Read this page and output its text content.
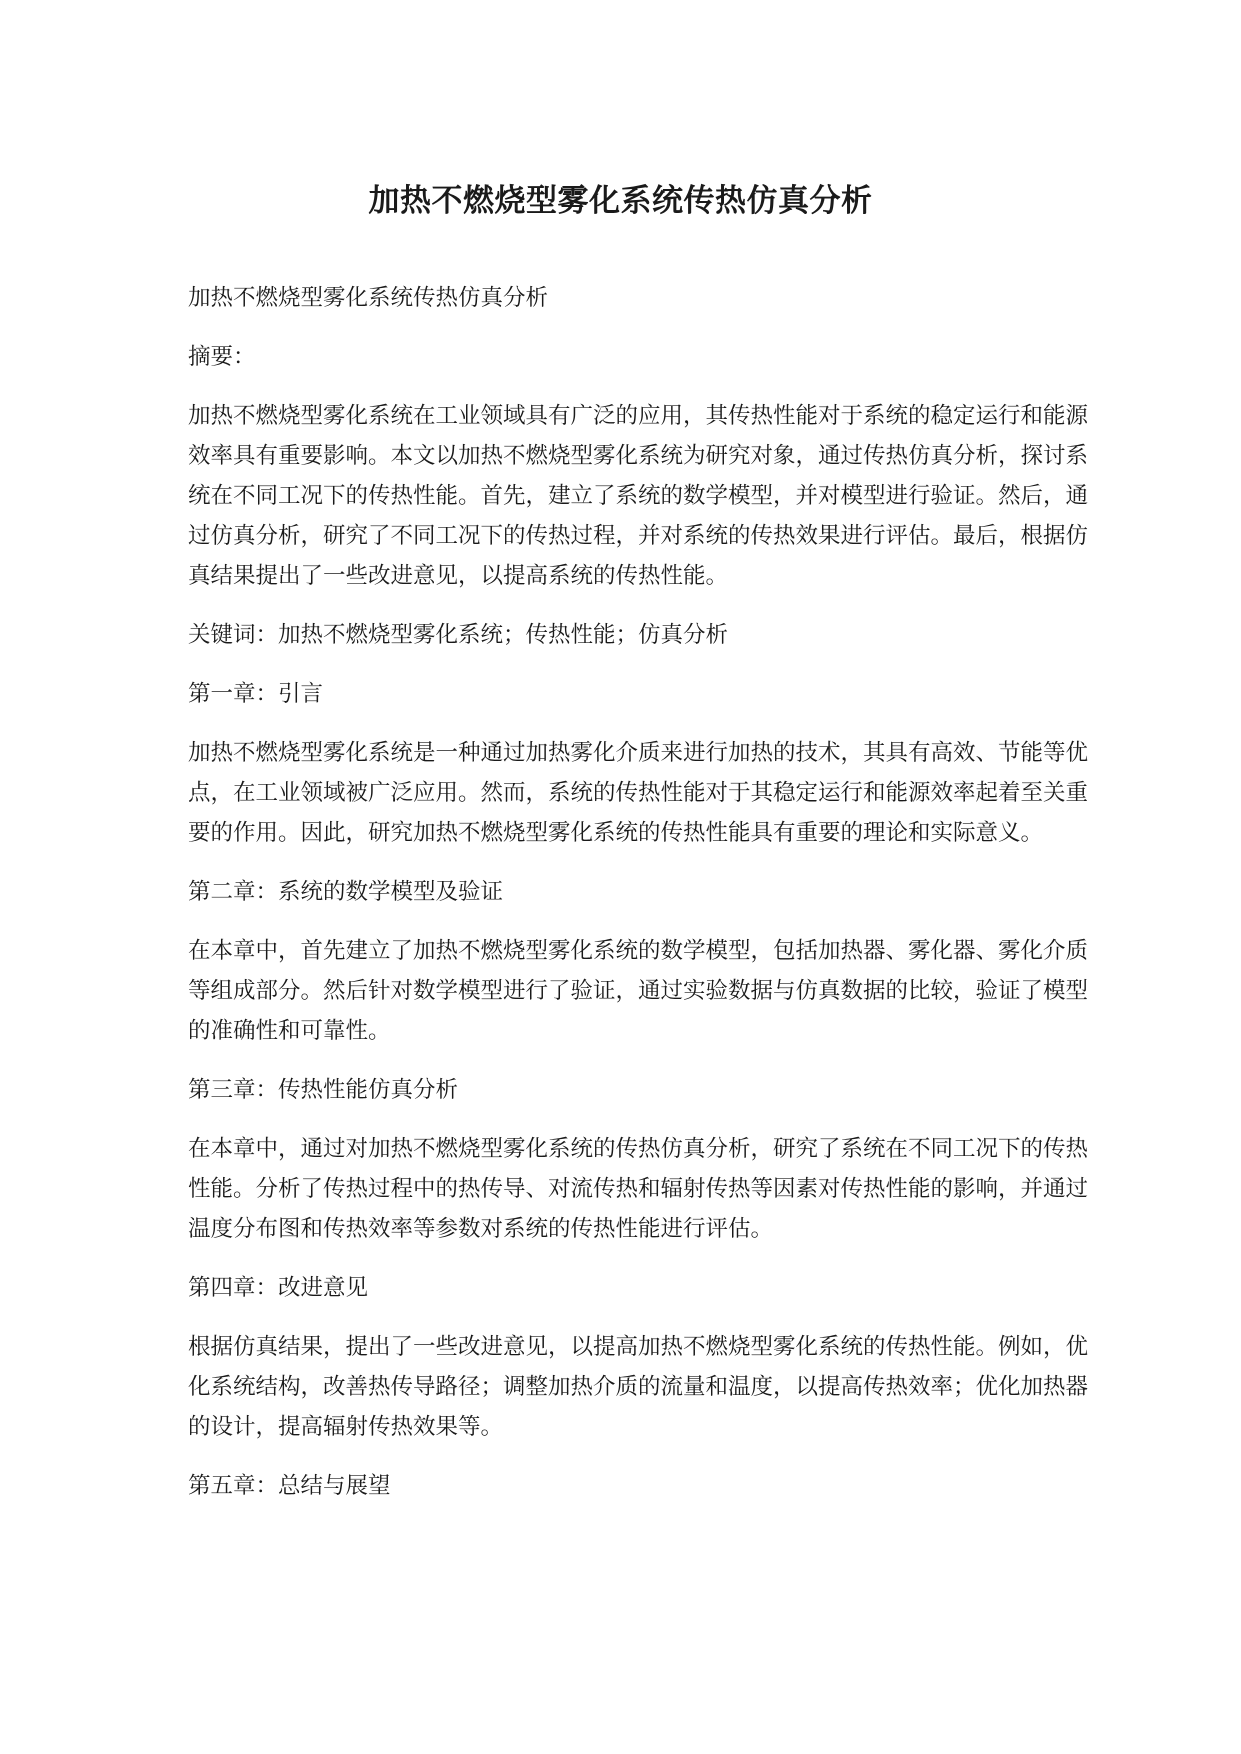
加热不燃烧型雾化系统传热仿真分析

加热不燃烧型雾化系统传热仿真分析

摘要：

加热不燃烧型雾化系统在工业领域具有广泛的应用，其传热性能对于系统的稳定运行和能源效率具有重要影响。本文以加热不燃烧型雾化系统为研究对象，通过传热仿真分析，探讨系统在不同工况下的传热性能。首先，建立了系统的数学模型，并对模型进行验证。然后，通过仿真分析，研究了不同工况下的传热过程，并对系统的传热效果进行评估。最后，根据仿真结果提出了一些改进意见，以提高系统的传热性能。

关键词：加热不燃烧型雾化系统；传热性能；仿真分析

第一章：引言

加热不燃烧型雾化系统是一种通过加热雾化介质来进行加热的技术，其具有高效、节能等优点，在工业领域被广泛应用。然而，系统的传热性能对于其稳定运行和能源效率起着至关重要的作用。因此，研究加热不燃烧型雾化系统的传热性能具有重要的理论和实际意义。

第二章：系统的数学模型及验证

在本章中，首先建立了加热不燃烧型雾化系统的数学模型，包括加热器、雾化器、雾化介质等组成部分。然后针对数学模型进行了验证，通过实验数据与仿真数据的比较，验证了模型的准确性和可靠性。

第三章：传热性能仿真分析

在本章中，通过对加热不燃烧型雾化系统的传热仿真分析，研究了系统在不同工况下的传热性能。分析了传热过程中的热传导、对流传热和辐射传热等因素对传热性能的影响，并通过温度分布图和传热效率等参数对系统的传热性能进行评估。

第四章：改进意见

根据仿真结果，提出了一些改进意见，以提高加热不燃烧型雾化系统的传热性能。例如，优化系统结构，改善热传导路径；调整加热介质的流量和温度，以提高传热效率；优化加热器的设计，提高辐射传热效果等。

第五章：总结与展望
